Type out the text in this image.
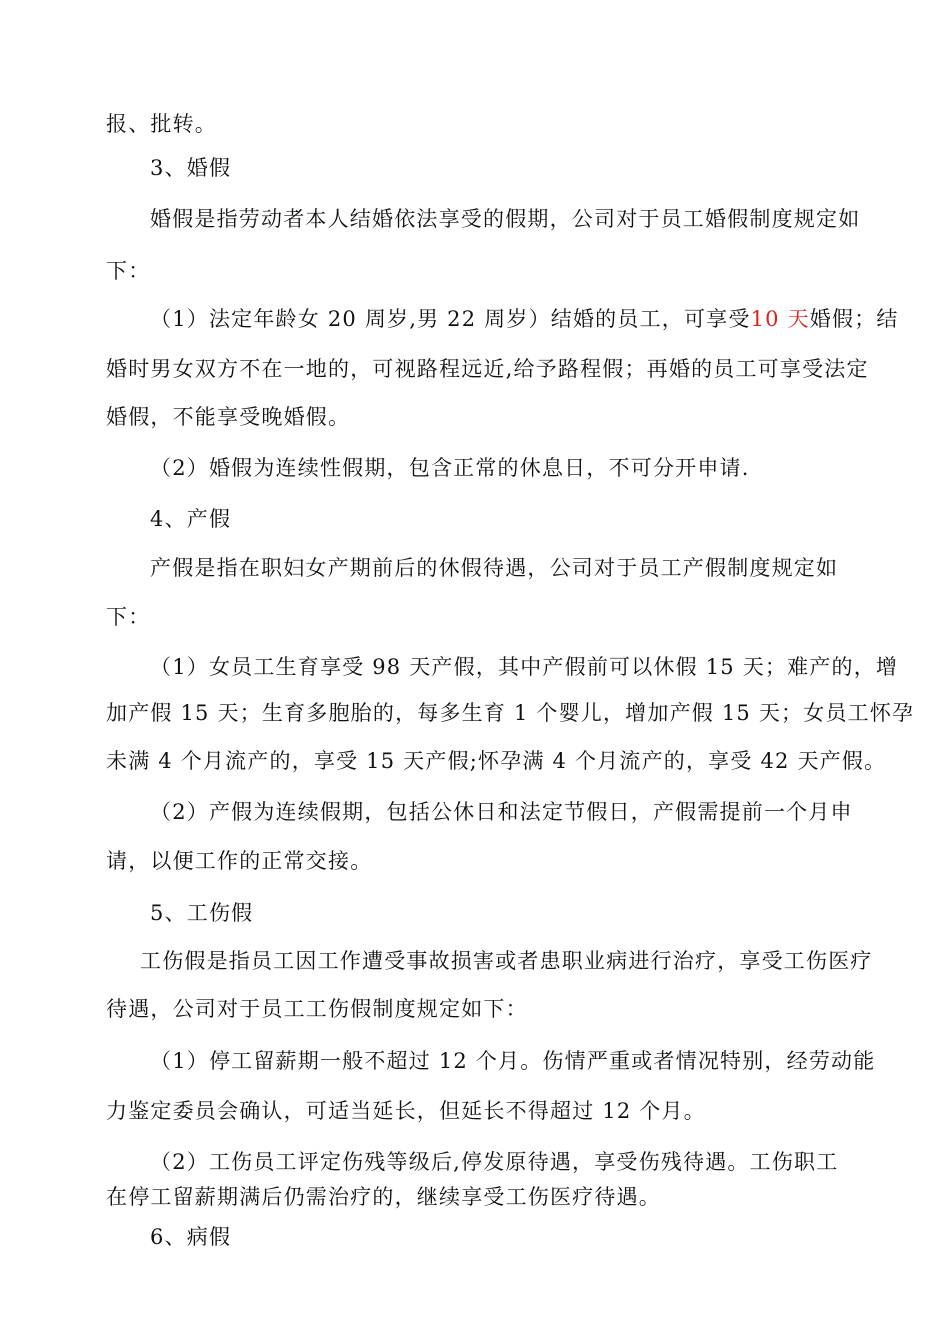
报、批转。
3、婚假
婚假是指劳动者本人结婚依法享受的假期，公司对于员工婚假制度规定如
下：
（1）法定年龄女 20 周岁,男 22 周岁）结婚的员工，可享受10 天婚假；结
婚时男女双方不在一地的，可视路程远近,给予路程假；再婚的员工可享受法定
婚假，不能享受晚婚假。
（2）婚假为连续性假期，包含正常的休息日，不可分开申请.
4、产假
产假是指在职妇女产期前后的休假待遇，公司对于员工产假制度规定如
下：
（1）女员工生育享受 98 天产假，其中产假前可以休假 15 天；难产的，增
加产假 15 天；生育多胞胎的，每多生育 1 个婴儿，增加产假 15 天；女员工怀孕
未满 4 个月流产的，享受 15 天产假;怀孕满 4 个月流产的，享受 42 天产假。
（2）产假为连续假期，包括公休日和法定节假日，产假需提前一个月申
请，以便工作的正常交接。
5、工伤假
工伤假是指员工因工作遭受事故损害或者患职业病进行治疗，享受工伤医疗
待遇，公司对于员工工伤假制度规定如下：
（1）停工留薪期一般不超过 12 个月。伤情严重或者情况特别，经劳动能
力鉴定委员会确认，可适当延长，但延长不得超过 12 个月。
（2）工伤员工评定伤残等级后,停发原待遇，享受伤残待遇。工伤职工
在停工留薪期满后仍需治疗的，继续享受工伤医疗待遇。
6、病假
